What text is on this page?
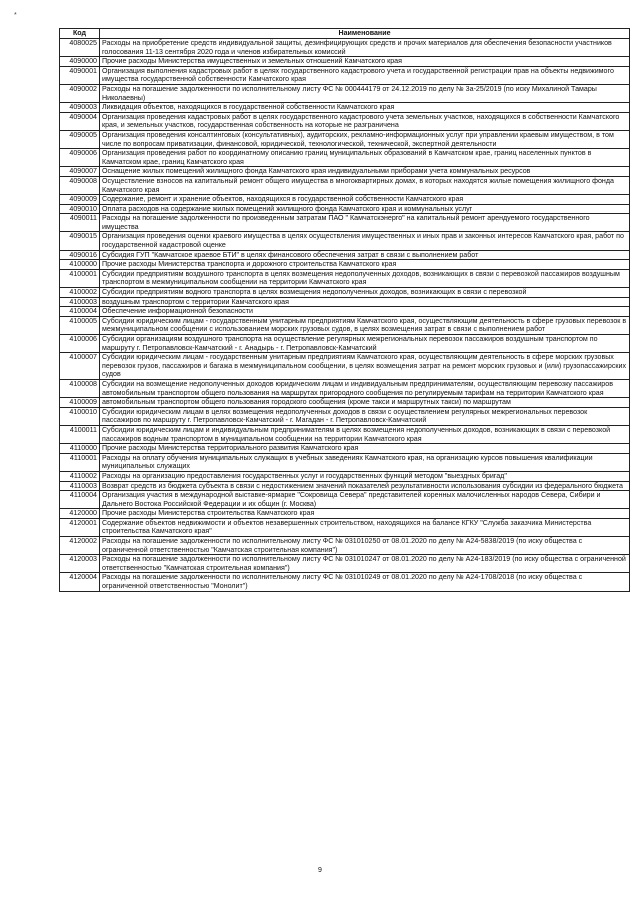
*
Код	Наименование
4080025	Расходы на приобретение средств индивидуальной защиты, дезинфицирующих средств и прочих материалов для обеспечения безопасности участников голосования 11-13 сентября 2020 года и членов избирательных комиссий
4090000	Прочие расходы Министерства имущественных и земельных отношений Камчатского края
4090001	Организация выполнения кадастровых работ в целях государственного кадастрового учета и государственной регистрации прав на объекты недвижимого имущества государственной собственности Камчатского края
4090002	Расходы на погашение задолженности по исполнительному листу ФС № 000444179 от 24.12.2019 по делу № 3а-25/2019 (по иску Михалиной Тамары Николаевны)
4090003	Ликвидация объектов, находящихся в государственной собственности Камчатского края
4090004	Организация проведения кадастровых работ в целях государственного кадастрового учета земельных участков, находящихся в собственности Камчатского края, и земельных участков, государственная собственность на которые не разграничена
4090005	Организация проведения консалтинговых (консультативных), аудиторских, рекламно-информационных услуг при управлении краевым имуществом, в том числе по вопросам приватизации, финансовой, юридической, технологической, технической, экспертной деятельности
4090006	Организация проведения работ по координатному описанию границ муниципальных образований в Камчатском крае, границ населенных пунктов в Камчатском крае, границ Камчатского края
4090007	Оснащение жилых помещений жилищного фонда Камчатского края индивидуальными приборами учета коммунальных ресурсов
4090008	Осуществление взносов на капитальный ремонт общего имущества в многоквартирных домах, в которых находятся жилые помещения жилищного фонда Камчатского края
4090009	Содержание, ремонт и хранение объектов, находящихся в государственной собственности Камчатского края
4090010	Оплата расходов на содержание жилых помещений жилищного фонда Камчатского края и коммунальных услуг
4090011	Расходы на погашение задолженности по произведенным затратам ПАО " Камчатскэнерго" на капитальный ремонт арендуемого государственного имущества
4090015	Организация проведения оценки краевого имущества в целях осуществления имущественных и иных прав и законных интересов Камчатского края, работ по государственной кадастровой оценке
4090016	Субсидия ГУП "Камчатское краевое БТИ" в целях финансового обеспечения затрат в связи с выполнением работ
4100000	Прочие расходы Министерства транспорта и дорожного строительства Камчатского края
4100001	Субсидии предприятиям воздушного транспорта в целях возмещения недополученных доходов, возникающих в связи с перевозкой пассажиров воздушным транспортом в межмуниципальном сообщении на территории Камчатского края
4100002	Субсидии предприятиям водного транспорта в целях возмещения недополученных доходов, возникающих в связи с перевозкой
4100003	воздушным транспортом с территории Камчатского края
4100004	Обеспечение информационной безопасности
4100005	Субсидии юридическим лицам - государственным унитарным предприятиям Камчатского края, осуществляющим деятельность в сфере грузовых перевозок в межмуниципальном сообщении с использованием морских грузовых судов, в целях возмещения затрат в связи с выполнением работ
4100006	Субсидии организациям воздушного транспорта на осуществление регулярных межрегиональных перевозок пассажиров воздушным транспортом по маршруту г. Петропавловск-Камчатский - г. Анадырь - г. Петропавловск-Камчатский
4100007	Субсидии юридическим лицам - государственным унитарным предприятиям Камчатского края, осуществляющим деятельность в сфере морских грузовых перевозок грузов, пассажиров и багажа в межмуниципальном сообщении, в целях возмещения затрат на ремонт морских грузовых и (или) грузопассажирских судов
4100008	Субсидии на возмещение недополученных доходов юридическим лицам и индивидуальным предпринимателям, осуществляющим перевозку пассажиров автомобильным транспортом общего пользования на маршрутах пригородного сообщения по регулируемым тарифам на территории Камчатского края
4100009	автомобильным транспортом общего пользования городского сообщения (кроме такси и маршрутных такси) по маршрутам
4100010	Субсидии юридическим лицам в целях возмещения недополученных доходов в связи с осуществлением регулярных межрегиональных перевозок пассажиров по маршруту г. Петропавловск-Камчатский - г. Магадан - г. Петропавловск-Камчатский
4100011	Субсидии юридическим лицам и индивидуальным предпринимателям в целях возмещения недополученных доходов, возникающих в связи с перевозкой пассажиров водным транспортом в муниципальном сообщении на территории Камчатского края
4110000	Прочие расходы Министерства территориального развития Камчатского края
4110001	Расходы на оплату обучения муниципальных служащих в учебных заведениях Камчатского края, на организацию курсов повышения квалификации муниципальных служащих
4110002	Расходы на организацию предоставления государственных услуг и государственных функций методом "выездных бригад"
4110003	Возврат средств из бюджета субъекта в связи с недостижением значений показателей результативности использования субсидии из федерального бюджета
4110004	Организация участия в международной выставке-ярмарке "Сокровища Севера" представителей коренных малочисленных народов Севера, Сибири и Дальнего Востока Российской Федерации и их общин (г. Москва)
4120000	Прочие расходы Министерства строительства Камчатского края
4120001	Содержание объектов недвижимости и объектов незавершенных строительством, находящихся на балансе КГКУ "Служба заказчика Министерства строительства Камчатского края"
4120002	Расходы на погашение задолженности по исполнительному листу ФС № 031010250 от 08.01.2020 по делу № А24-5838/2019 (по иску общества с ограниченной ответственностью "Камчатская строительная компания")
4120003	Расходы на погашение задолженности по исполнительному листу ФС № 031010247 от 08.01.2020 по делу № А24-183/2019 (по иску общества с ограниченной ответственностью "Камчатская строительная компания")
4120004	Расходы на погашение задолженности по исполнительному листу ФС № 031010249 от 08.01.2020 по делу № А24-1708/2018 (по иску общества с ограниченной ответственностью "Монолит")
9
